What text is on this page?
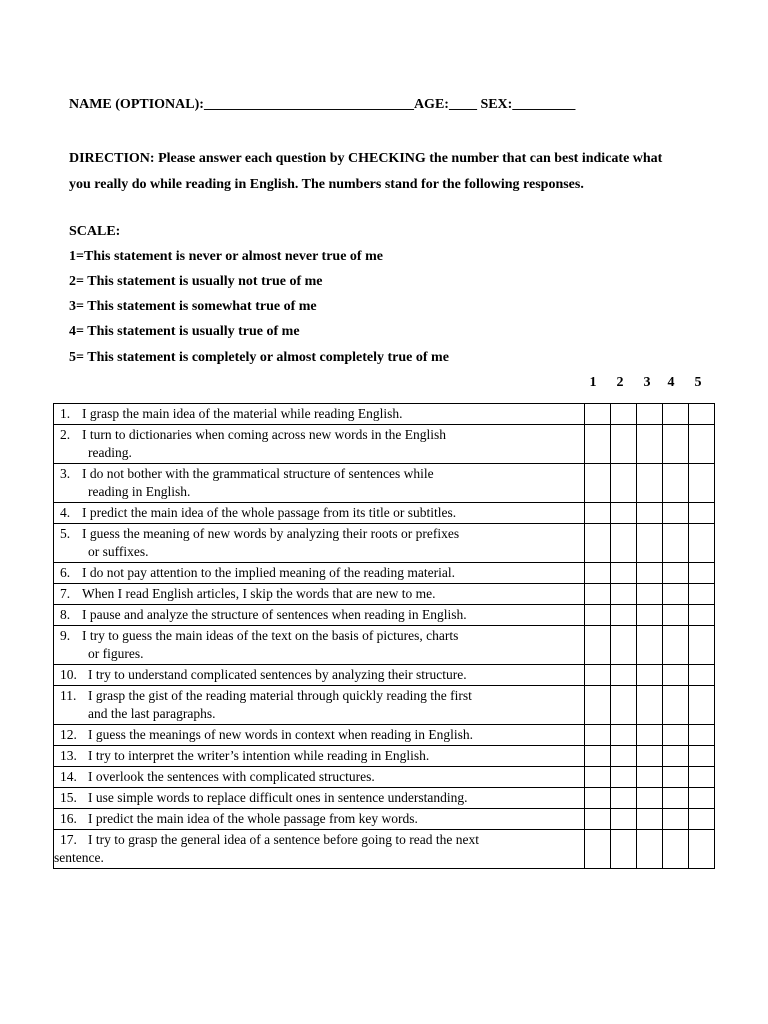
NAME (OPTIONAL):______________________________AGE:____ SEX:_________
DIRECTION: Please answer each question by CHECKING the number that can best indicate what you really do while reading in English. The numbers stand for the following responses.
SCALE:
1=This statement is never or almost never true of me
2= This statement is usually not true of me
3= This statement is somewhat true of me
4= This statement is usually true of me
5= This statement is completely or almost completely true of me
1 2 3 4 5
1. I grasp the main idea of the material while reading English.					
2. I turn to dictionaries when coming across new words in the English
reading.					

3. I do not bother with the grammatical structure of sentences while
reading in English.					

4. I predict the main idea of the whole passage from its title or subtitles.					
5. I guess the meaning of new words by analyzing their roots or prefixes
or suffixes.					

6. I do not pay attention to the implied meaning of the reading material.					
7. When I read English articles, I skip the words that are new to me.					
8. I pause and analyze the structure of sentences when reading in English.					
9. I try to guess the main ideas of the text on the basis of pictures, charts
or figures.					

10. I try to understand complicated sentences by analyzing their structure.					
11. I grasp the gist of the reading material through quickly reading the first
and the last paragraphs.					

12. I guess the meanings of new words in context when reading in English.					
13. I try to interpret the writer’s intention while reading in English.					
14. I overlook the sentences with complicated structures.					
15. I use simple words to replace difficult ones in sentence understanding.					
16. I predict the main idea of the whole passage from key words.					
17. I try to grasp the general idea of a sentence before going to read the next
sentence.					
